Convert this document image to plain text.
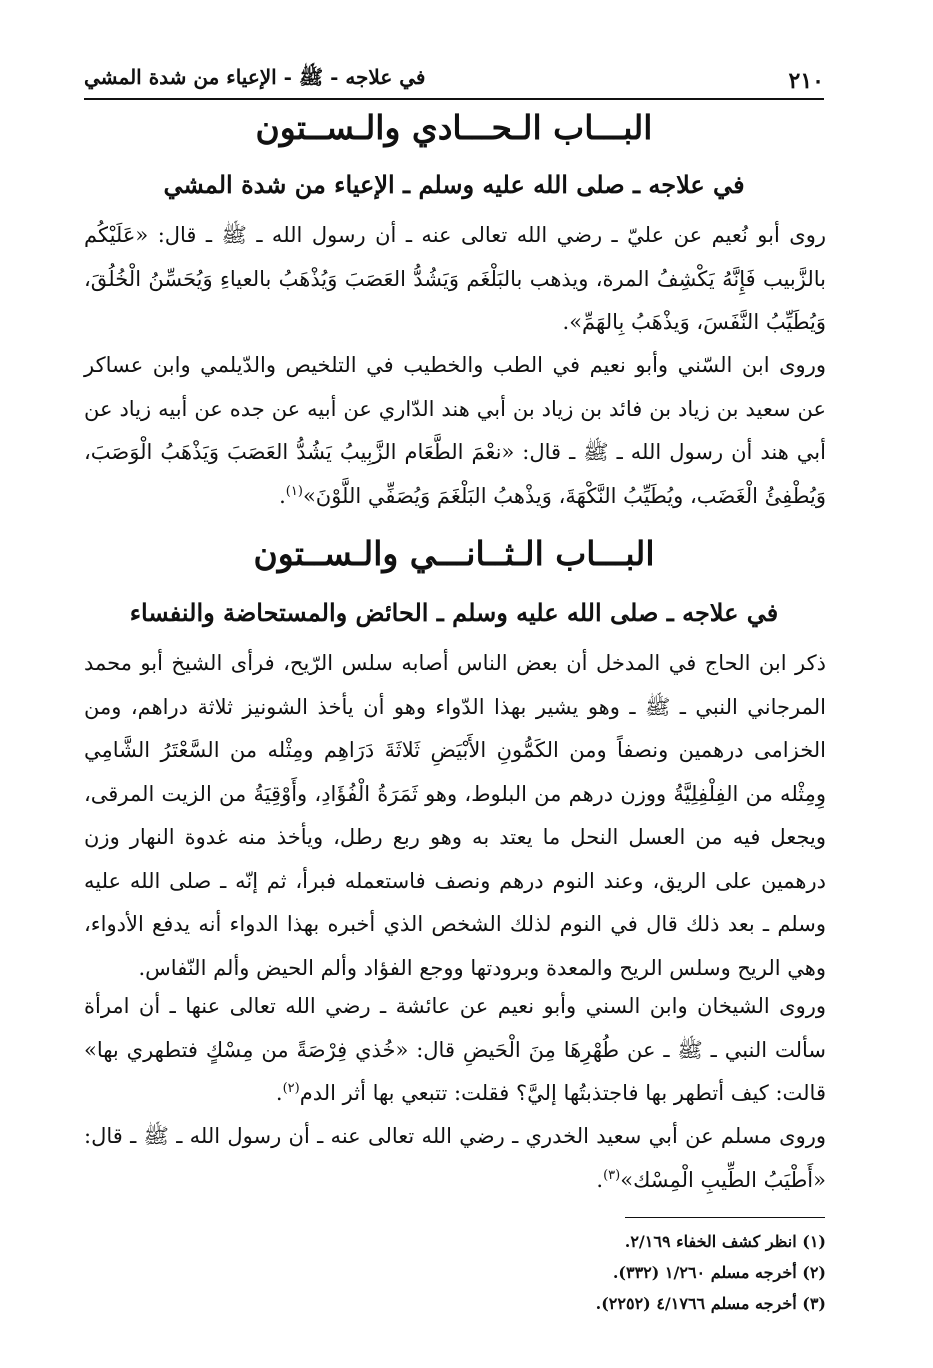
٢١٠
في علاجه - ﷺ - الإعياء من شدة المشي
البـــاب الـحـــادي والـســتون
في علاجه ـ صلى الله عليه وسلم ـ الإعياء من شدة المشي

روى أبو نُعيم عن عليّ ـ رضي الله تعالى عنه ـ أن رسول الله ـ ﷺ ـ قال: «عَلَيْكُم بالزَّبيب فَإِنَّهُ يَكْشِفُ المرة، ويذهب بالبَلْغَم وَيَشُدُّ العَصَبَ وَيُذْهَبُ بالعياءِ وَيُحَسِّنُ الْخُلُقَ، وَيُطَيِّبُ النَّفَسَ، وَيذْهَبُ بِالهَمِّ».

وروى ابن السّني وأبو نعيم في الطب والخطيب في التلخيص والدّيلمي وابن عساكر عن سعيد بن زياد بن فائد بن زياد بن أبي هند الدّاري عن أبيه عن جده عن أبيه زياد عن أبي هند أن رسول الله ـ ﷺ ـ قال: «نعْمَ الطَّعَام الزَّبِيبُ يَشُدُّ العَصَبَ وَيَذْهَبُ الْوَصَبَ، وَيُطْفِئُ الْغَضَب، ويُطَيِّبُ النَّكْهَةَ، وَيذْهبُ البَلْغَمَ وَيُصَفِّي اللَّوْنَ»$^{(١)}$.

البـــاب الـثــانـــي والـســتون
في علاجه ـ صلى الله عليه وسلم ـ الحائض والمستحاضة والنفساء

ذكر ابن الحاج في المدخل أن بعض الناس أصابه سلس الرّيح، فرأى الشيخ أبو محمد المرجاني النبي ـ ﷺ ـ وهو يشير بهذا الدّواء وهو أن يأخذ الشونيز ثلاثة دراهم، ومن الخزامى درهمين ونصفاً ومن الكَمُّونِ الأَبْيَضِ ثَلاثَةَ دَرَاهِم ومِثْله من السَّعْتَرُ الشَّامِي وِمِثْله من الفِلْفِلِيَّةُ ووزن درهم من البلوط، وهو ثَمَرَةُ الْفُؤَادِ، وأَوْقِيَةُ من الزيت المرقى، ويجعل فيه من العسل النحل ما يعتد به وهو ربع رطل، ويأخذ منه غدوة النهار وزن درهمين على الريق، وعند النوم درهم ونصف فاستعمله فبرأ، ثم إنّه ـ صلى الله عليه وسلم ـ بعد ذلك قال في النوم لذلك الشخص الذي أخبره بهذا الدواء أنه يدفع الأدواء، وهي الريح وسلس الريح والمعدة وبرودتها ووجع الفؤاد وألم الحيض وألم النّفاس.

وروى الشيخان وابن السني وأبو نعيم عن عائشة ـ رضي الله تعالى عنها ـ أن امرأة سألت النبي ـ ﷺ ـ عن طُهْرِهَا مِنَ الْحَيضِ قال: «خُذي فِرْصَةً من مِسْكٍ فتطهري بها» قالت: كيف أتطهر بها فاجتذبتُها إليَّ؟ فقلت: تتبعي بها أثر الدم$^{(٢)}$.

وروى مسلم عن أبي سعيد الخدري ـ رضي الله تعالى عنه ـ أن رسول الله ـ ﷺ ـ قال: «أَطْيَبُ الطِّيبِ الْمِسْك»$^{(٣)}$.

(١) انظر كشف الخفاء ٢/١٦٩.

(٢) أخرجه مسلم ١/٢٦٠ (٣٣٢).

(٣) أخرجه مسلم ٤/١٧٦٦ (٢٢٥٢).
